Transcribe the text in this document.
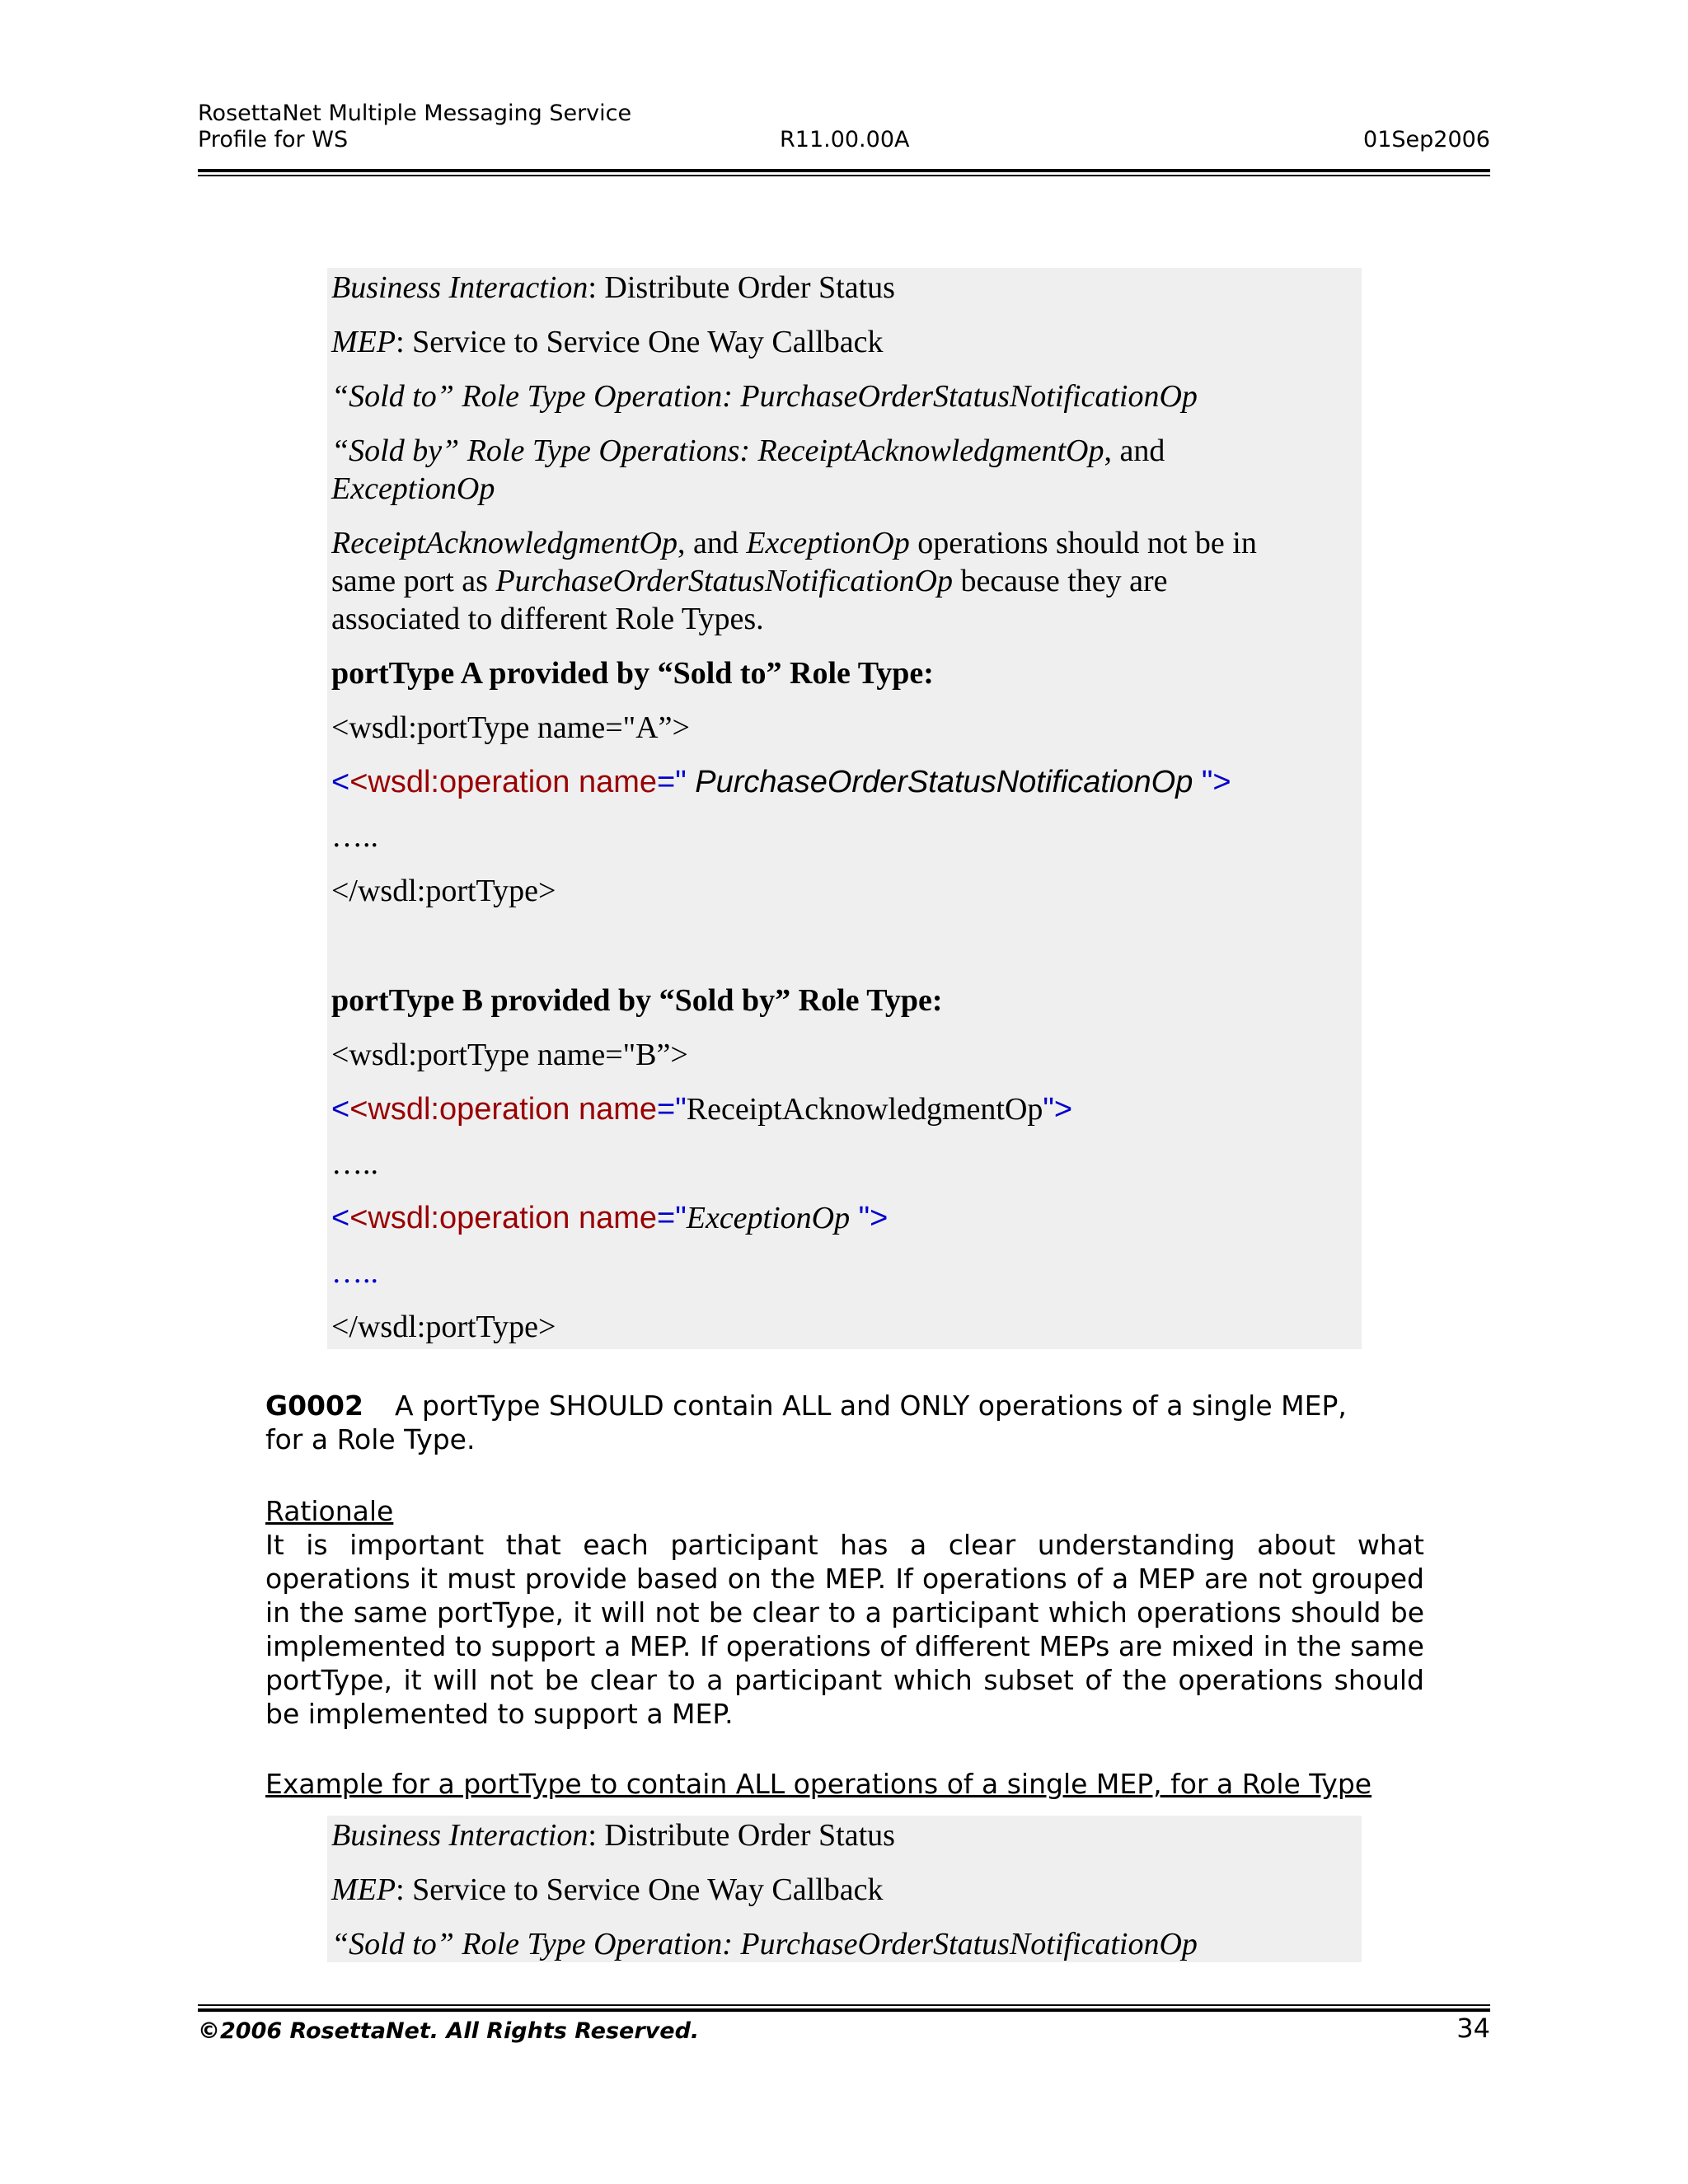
RosettaNet Multiple Messaging Service
Profile for WS	R11.00.00A	01Sep2006
Business Interaction: Distribute Order Status
MEP: Service to Service One Way Callback
“Sold to” Role Type Operation: PurchaseOrderStatusNotificationOp
“Sold by” Role Type Operations: ReceiptAcknowledgmentOp, and
ExceptionOp
ReceiptAcknowledgmentOp, and ExceptionOp operations should not be in
same port as PurchaseOrderStatusNotificationOp because they are
associated to different Role Types.
portType A provided by “Sold to” Role Type:
<wsdl:portType name="A”>
<<wsdl:operation name=" PurchaseOrderStatusNotificationOp ">
…..
</wsdl:portType>
portType B provided by “Sold by” Role Type:
<wsdl:portType name="B”>
<<wsdl:operation name="ReceiptAcknowledgmentOp">
…..
<<wsdl:operation name="ExceptionOp ">
…..
</wsdl:portType>
G0002 A portType SHOULD contain ALL and ONLY operations of a single MEP,
for a Role Type.
Rationale
It is important that each participant has a clear understanding about what operations it must provide based on the MEP. If operations of a MEP are not grouped in the same portType, it will not be clear to a participant which operations should be implemented to support a MEP. If operations of different MEPs are mixed in the same portType, it will not be clear to a participant which subset of the operations should be implemented to support a MEP.
Example for a portType to contain ALL operations of a single MEP, for a Role Type
Business Interaction: Distribute Order Status
MEP: Service to Service One Way Callback
“Sold to” Role Type Operation: PurchaseOrderStatusNotificationOp
©2006 RosettaNet. All Rights Reserved.	34
